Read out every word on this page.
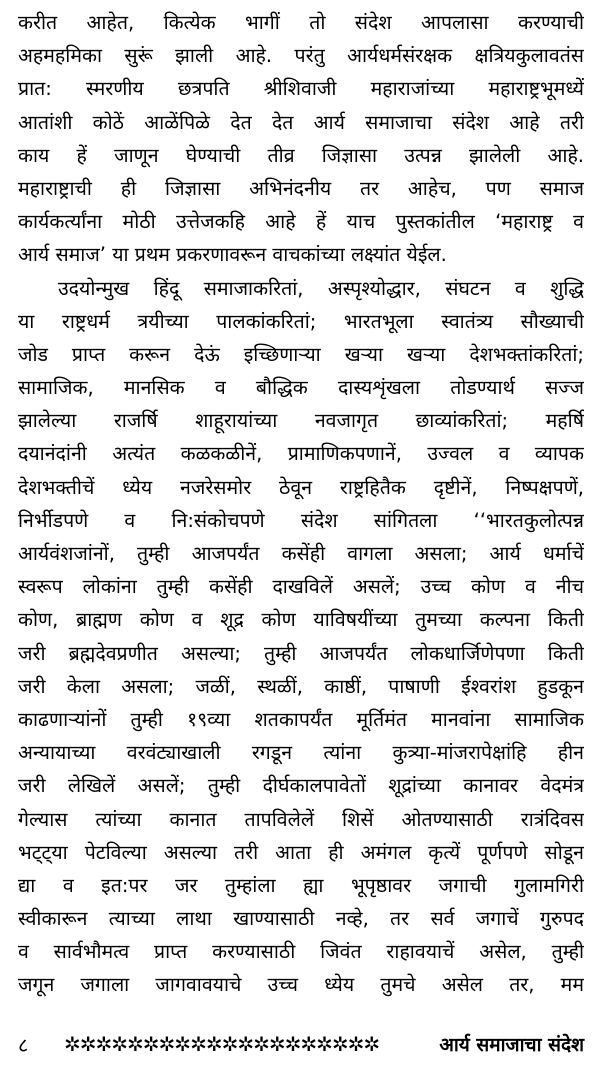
करीत आहेत, कित्येक भागीं तो संदेश आपलासा करण्याची
अहमहमिका सुरूं झाली आहे. परंतु आर्यधर्मसंरक्षक क्षत्रियकुलावतंस
प्रात: स्मरणीय छत्रपति श्रीशिवाजी महाराजांच्या महाराष्ट्रभूमध्यें
आतांशी कोठें आळेंपिळे देत देत आर्य समाजाचा संदेश आहे तरी
काय हें जाणून घेण्याची तीव्र जिज्ञासा उत्पन्न झालेली आहे.
महाराष्ट्राची ही जिज्ञासा अभिनंदनीय तर आहेच, पण समाज
कार्यकर्त्यांना मोठी उत्तेजकहि आहे हें याच पुस्तकांतील ‘महाराष्ट्र व
आर्य समाज’ या प्रथम प्रकरणावरून वाचकांच्या लक्ष्यांत येईल.
उदयोन्मुख हिंदू समाजाकरितां, अस्पृश्योद्धार, संघटन व शुद्धि
या राष्ट्रधर्म त्रयीच्या पालकांकरितां; भारतभूला स्वातंत्र्य सौख्याची
जोड प्राप्त करून देऊं इच्छिणाऱ्या खऱ्या खऱ्या देशभक्तांकरितां;
सामाजिक, मानसिक व बौद्धिक दास्यशृंखला तोडण्यार्थ सज्ज
झालेल्या राजर्षि शाहूरायांच्या नवजागृत छाव्यांकरितां; महर्षि
दयानंदांनी अत्यंत कळकळीनें, प्रामाणिकपणानें, उज्वल व व्यापक
देशभक्तीचें ध्येय नजरेसमोर ठेवून राष्ट्रहितैक दृष्टीनें, निष्पक्षपणें,
निर्भीडपणे व नि:संकोचपणे संदेश सांगितला ‘‘भारतकुलोत्पन्न
आर्यवंशजांनों, तुम्ही आजपर्यंत कसेंही वागला असला; आर्य धर्माचें
स्वरूप लोकांना तुम्ही कसेंही दाखविलें असलें; उच्च कोण व नीच
कोण, ब्राह्मण कोण व शूद्र कोण याविषयींच्या तुमच्या कल्पना किती
जरी ब्रह्मदेवप्रणीत असल्या; तुम्ही आजपर्यंत लोकधार्जिणेपणा किती
जरी केला असला; जळीं, स्थळीं, काष्ठीं, पाषाणी ईश्वरांश हुडकून
काढणाऱ्यांनों तुम्ही १९व्या शतकापर्यंत मूर्तिमंत मानवांना सामाजिक
अन्यायाच्या वरवंट्याखाली रगडून त्यांना कुत्र्या-मांजरापेक्षांहि हीन
जरी लेखिलें असलें; तुम्ही दीर्घकालपावेतों शूद्रांच्या कानावर वेदमंत्र
गेल्यास त्यांच्या कानात तापविलेलें शिसें ओतण्यासाठी रात्रंदिवस
भट्ट्या पेटविल्या असल्या तरी आता ही अमंगल कृत्यें पूर्णपणे सोडून
द्या व इत:पर जर तुम्हांला ह्या भूपृष्ठावर जगाची गुलामगिरी
स्वीकारून त्याच्या लाथा खाण्यासाठी नव्हे, तर सर्व जगाचें गुरुपद
व सार्वभौमत्व प्राप्त करण्यासाठी जिवंत राहावयाचें असेल, तुम्ही
जगून जगाला जागवावयाचे उच्च ध्येय तुमचे असेल तर, मम
८	✲✲✲✲✲✲✲✲✲✲✲✲✲✲✲✲✲✲✲✲	आर्य समाजाचा संदेश
